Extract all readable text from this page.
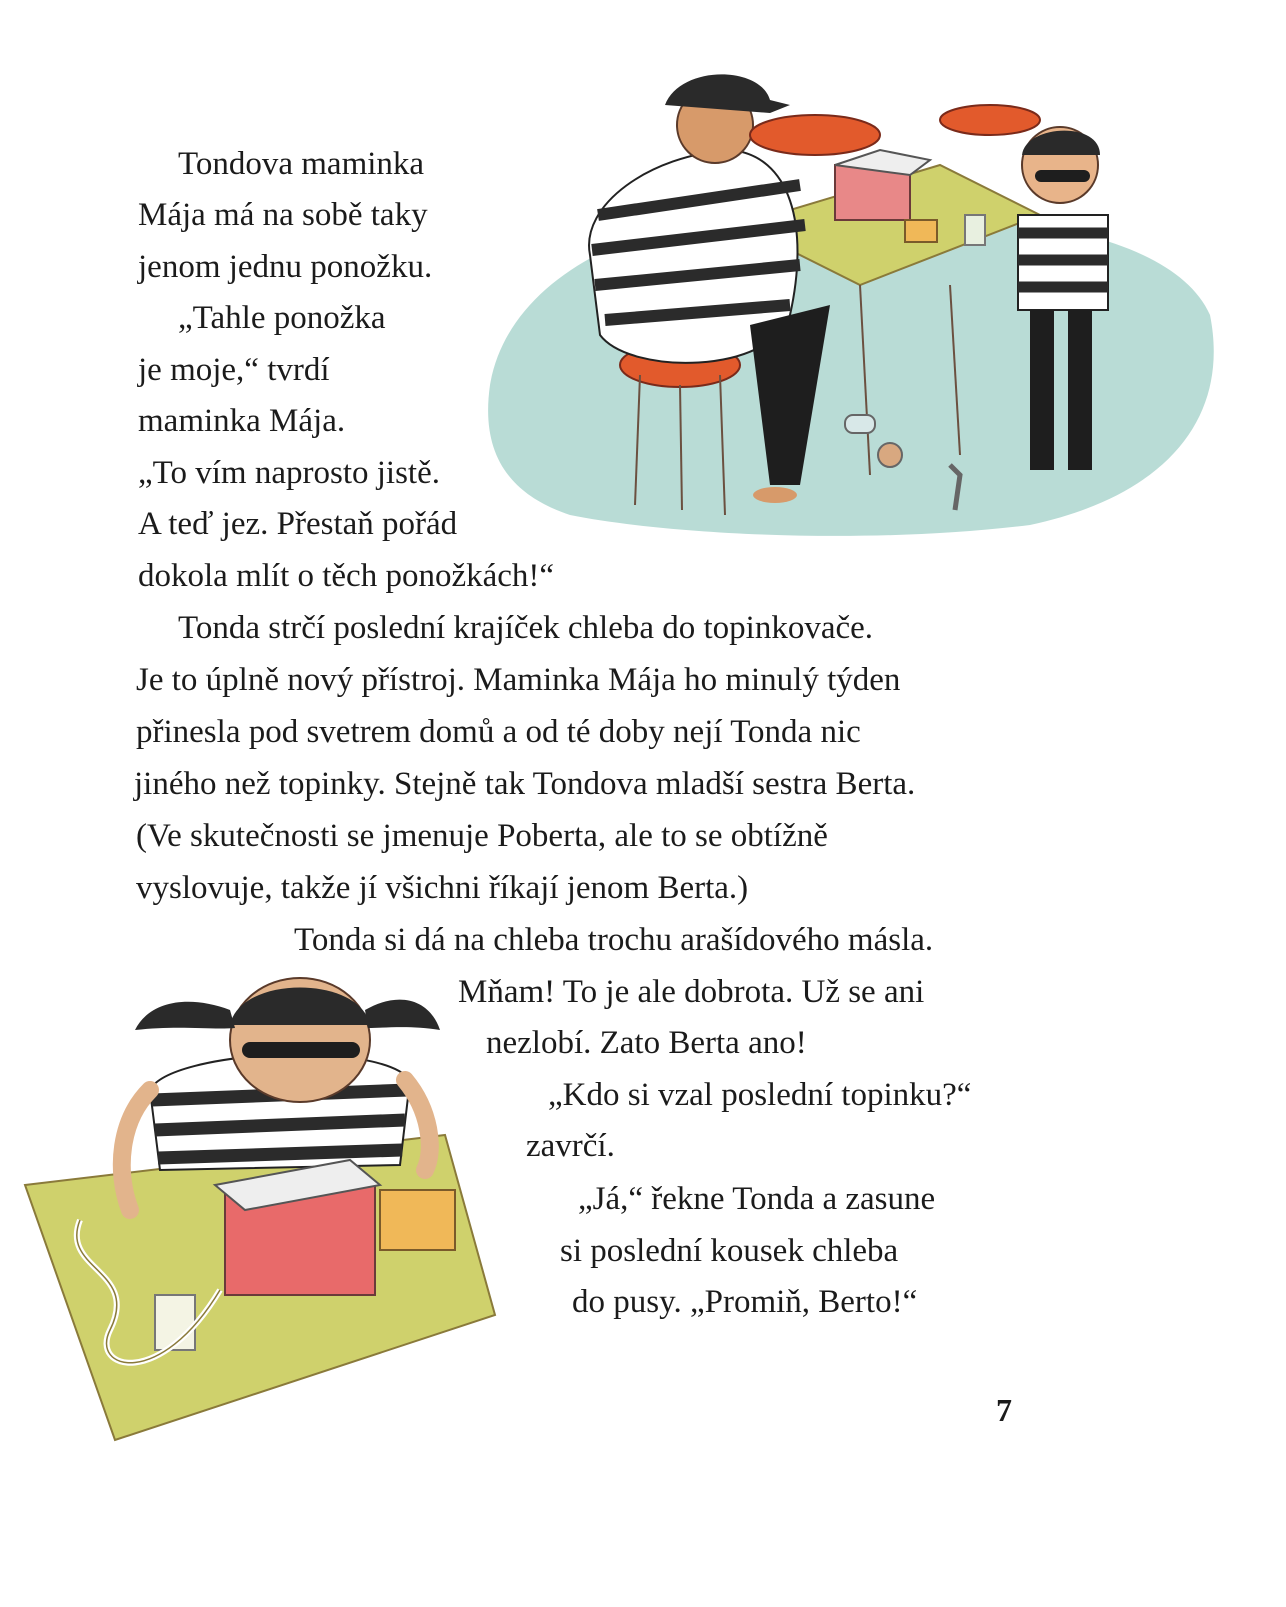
Tondova maminka
Mája má na sobě taky
jenom jednu ponožku.
„Tahle ponožka
je moje,“ tvrdí
maminka Mája.
„To vím naprosto jistě.
A teď jez. Přestaň pořád
dokola mlít o těch ponožkách!“
Tonda strčí poslední krajíček chleba do topinkovače.
Je to úplně nový přístroj. Maminka Mája ho minulý týden
přinesla pod svetrem domů a od té doby nejí Tonda nic
jiného než topinky. Stejně tak Tondova mladší sestra Berta.
(Ve skutečnosti se jmenuje Poberta, ale to se obtížně
vyslovuje, takže jí všichni říkají jenom Berta.)
Tonda si dá na chleba trochu arašídového másla.
Mňam! To je ale dobrota. Už se ani
nezlobí. Zato Berta ano!
„Kdo si vzal poslední topinku?“
zavrčí.
„Já,“ řekne Tonda a zasune
si poslední kousek chleba
do pusy. „Promiň, Berto!“
7
